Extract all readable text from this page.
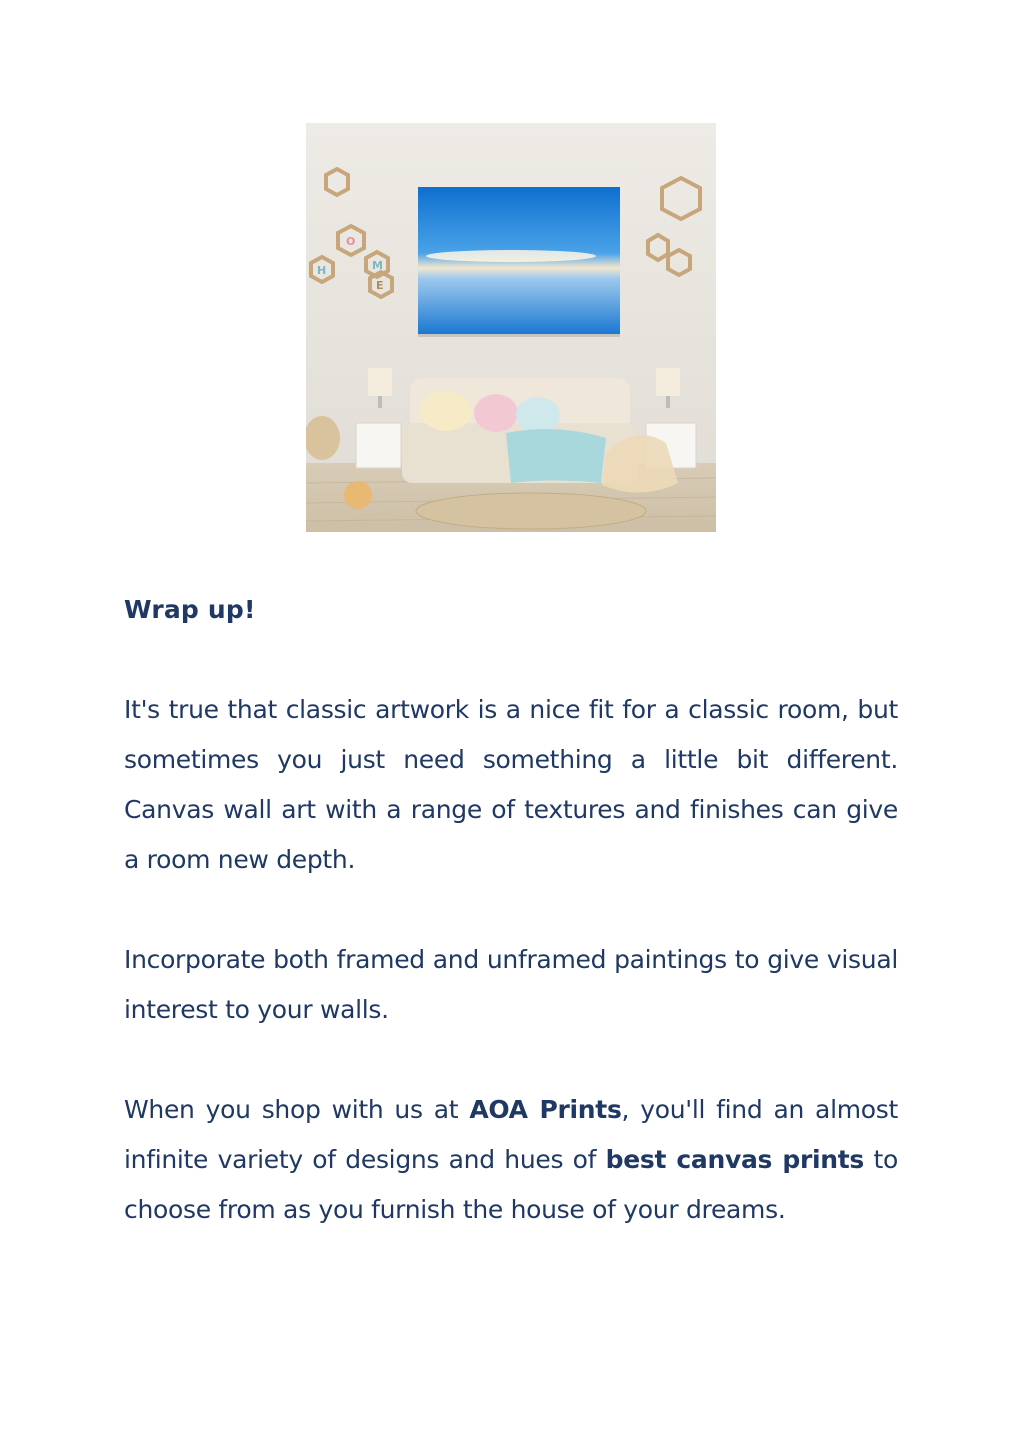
H
O
M
E
Wrap up!

It's true that classic artwork is a nice fit for a classic room, but sometimes you just need something a little bit different. Canvas wall art with a range of textures and finishes can give a room new depth.

Incorporate both framed and unframed paintings to give visual interest to your walls.

When you shop with us at AOA Prints, you'll find an almost infinite variety of designs and hues of best canvas prints to choose from as you furnish the house of your dreams.
